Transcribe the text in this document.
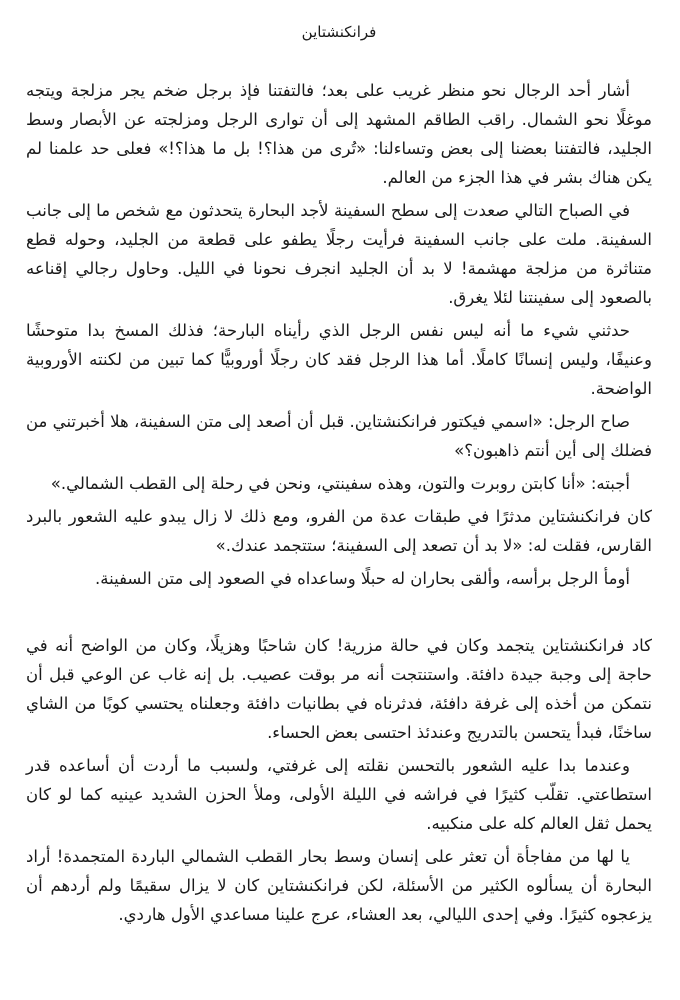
فرانكنشتاين

أشار أحد الرجال نحو منظر غريب على بعد؛ فالتفتنا فإذ برجل ضخم يجر مزلجة ويتجه موغلًا نحو الشمال. راقب الطاقم المشهد إلى أن توارى الرجل ومزلجته عن الأبصار وسط الجليد، فالتفتنا بعضنا إلى بعض وتساءلنا: «تُرى من هذا؟! بل ما هذا؟!» فعلى حد علمنا لم يكن هناك بشر في هذا الجزء من العالم.

في الصباح التالي صعدت إلى سطح السفينة لأجد البحارة يتحدثون مع شخص ما إلى جانب السفينة. ملت على جانب السفينة فرأيت رجلًا يطفو على قطعة من الجليد، وحوله قطع متناثرة من مزلجة مهشمة! لا بد أن الجليد انجرف نحونا في الليل. وحاول رجالي إقناعه بالصعود إلى سفينتنا لئلا يغرق.

حدثني شيء ما أنه ليس نفس الرجل الذي رأيناه البارحة؛ فذلك المسخ بدا متوحشًا وعنيفًا، وليس إنسانًا كاملًا. أما هذا الرجل فقد كان رجلًا أوروبيًّا كما تبين من لكنته الأوروبية الواضحة.

صاح الرجل: «اسمي فيكتور فرانكنشتاين. قبل أن أصعد إلى متن السفينة، هلا أخبرتني من فضلك إلى أين أنتم ذاهبون؟»

أجبته: «أنا كابتن روبرت والتون، وهذه سفينتي، ونحن في رحلة إلى القطب الشمالي.»

كان فرانكنشتاين مدثرًا في طبقات عدة من الفرو، ومع ذلك لا زال يبدو عليه الشعور بالبرد القارس، فقلت له: «لا بد أن تصعد إلى السفينة؛ ستتجمد عندك.»

أومأ الرجل برأسه، وألقى بحاران له حبلًا وساعداه في الصعود إلى متن السفينة.

كاد فرانكنشتاين يتجمد وكان في حالة مزرية! كان شاحبًا وهزيلًا، وكان من الواضح أنه في حاجة إلى وجبة جيدة دافئة. واستنتجت أنه مر بوقت عصيب. بل إنه غاب عن الوعي قبل أن نتمكن من أخذه إلى غرفة دافئة، فدثرناه في بطانيات دافئة وجعلناه يحتسي كوبًا من الشاي ساخنًا، فبدأ يتحسن بالتدريج وعندئذ احتسى بعض الحساء.

وعندما بدا عليه الشعور بالتحسن نقلته إلى غرفتي، ولسبب ما أردت أن أساعده قدر استطاعتي. تقلّب كثيرًا في فراشه في الليلة الأولى، وملأ الحزن الشديد عينيه كما لو كان يحمل ثقل العالم كله على منكبيه.

يا لها من مفاجأة أن تعثر على إنسان وسط بحار القطب الشمالي الباردة المتجمدة! أراد البحارة أن يسألوه الكثير من الأسئلة، لكن فرانكنشتاين كان لا يزال سقيمًا ولم أردهم أن يزعجوه كثيرًا. وفي إحدى الليالي، بعد العشاء، عرج علينا مساعدي الأول هاردي.
